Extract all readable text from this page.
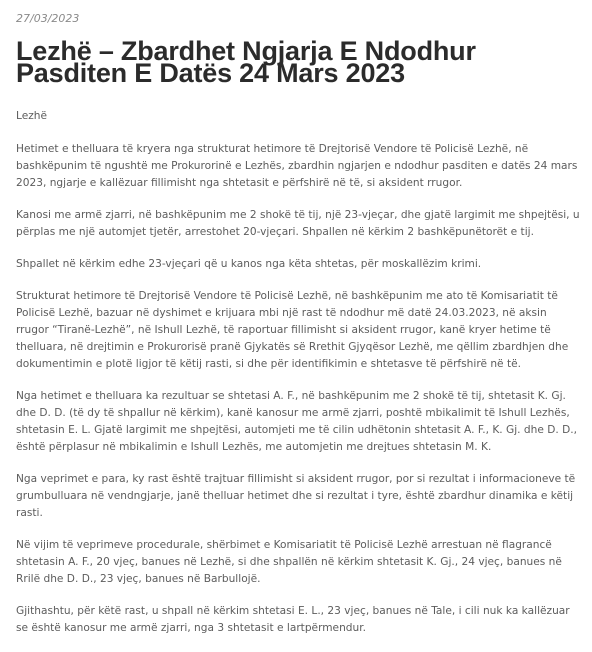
27/03/2023
Lezhë – Zbardhet Ngjarja E Ndodhur Pasditen E Datës 24 Mars 2023

Lezhë

Hetimet e thelluara të kryera nga strukturat hetimore të Drejtorisë Vendore të Policisë Lezhë, në bashkëpunim të ngushtë me Prokurorinë e Lezhës, zbardhin ngjarjen e ndodhur pasditen e datës 24 mars 2023, ngjarje e kallëzuar fillimisht nga shtetasit e përfshirë në të, si aksident rrugor.

Kanosi me armë zjarri, në bashkëpunim me 2 shokë të tij, një 23-vjeçar, dhe gjatë largimit me shpejtësi, u përplas me një automjet tjetër, arrestohet 20-vjeçari. Shpallen në kërkim 2 bashkëpunëtorët e tij.

Shpallet në kërkim edhe 23-vjeçari që u kanos nga këta shtetas, për moskallëzim krimi.

Strukturat hetimore të Drejtorisë Vendore të Policisë Lezhë, në bashkëpunim me ato të Komisariatit të Policisë Lezhë, bazuar në dyshimet e krijuara mbi një rast të ndodhur më datë 24.03.2023, në aksin rrugor “Tiranë-Lezhë”, në Ishull Lezhë, të raportuar fillimisht si aksident rrugor, kanë kryer hetime të thelluara, në drejtimin e Prokurorisë pranë Gjykatës së Rrethit Gjyqësor Lezhë, me qëllim zbardhjen dhe dokumentimin e plotë ligjor të këtij rasti, si dhe për identifikimin e shtetasve të përfshirë në të.

Nga hetimet e thelluara ka rezultuar se shtetasi A. F., në bashkëpunim me 2 shokë të tij, shtetasit K. Gj. dhe D. D. (të dy të shpallur në kërkim), kanë kanosur me armë zjarri, poshtë mbikalimit të Ishull Lezhës, shtetasin E. L. Gjatë largimit me shpejtësi, automjeti me të cilin udhëtonin shtetasit A. F., K. Gj. dhe D. D., është përplasur në mbikalimin e Ishull Lezhës, me automjetin me drejtues shtetasin M. K.

Nga veprimet e para, ky rast është trajtuar fillimisht si aksident rrugor, por si rezultat i informacioneve të grumbulluara në vendngjarje, janë thelluar hetimet dhe si rezultat i tyre, është zbardhur dinamika e këtij rasti.

Në vijim të veprimeve procedurale, shërbimet e Komisariatit të Policisë Lezhë arrestuan në flagrancë shtetasin A. F., 20 vjeç, banues në Lezhë, si dhe shpallën në kërkim shtetasit K. Gj., 24 vjeç, banues në Rrilë dhe D. D., 23 vjeç, banues në Barbullojë.

Gjithashtu, për këtë rast, u shpall në kërkim shtetasi E. L., 23 vjeç, banues në Tale, i cili nuk ka kallëzuar se është kanosur me armë zjarri, nga 3 shtetasit e lartpërmendur.
